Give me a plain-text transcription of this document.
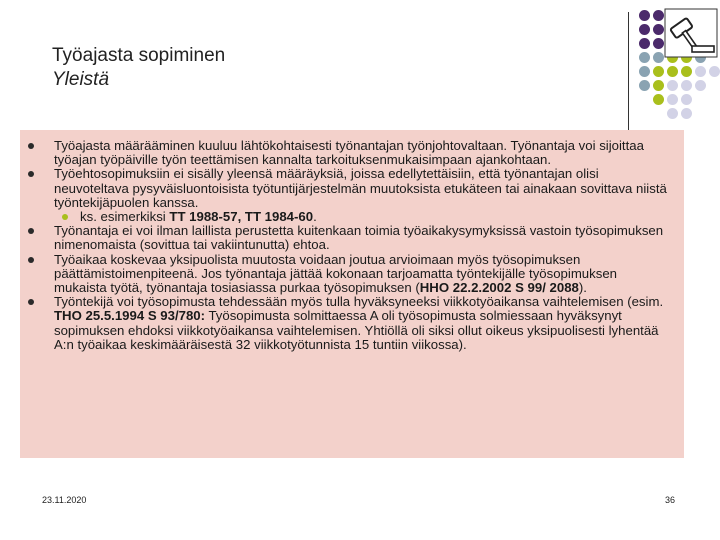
Työajasta sopiminen
Yleistä
Työajasta määrääminen kuuluu lähtökohtaisesti työnantajan työnjohtovaltaan. Työnantaja voi sijoittaa työajan työpäiville työn teettämisen kannalta tarkoituksenmukaisimpaan ajankohtaan.
Työehtosopimuksiin ei sisälly yleensä määräyksiä, joissa edellytettäisiin, että työnantajan olisi neuvoteltava pysyväisluontoisista työtuntijärjestelmän muutoksista etukäteen tai ainakaan sovittava niistä työntekijäpuolen kanssa.
ks. esimerkiksi TT 1988-57, TT 1984-60.
Työnantaja ei voi ilman laillista perustetta kuitenkaan toimia työaikakysymyksissä vastoin työsopimuksen nimenomaista (sovittua tai vakiintunutta) ehtoa.
Työaikaa koskevaa yksipuolista muutosta voidaan joutua arvioimaan myös työsopimuksen päättämistoimenpiteenä. Jos työnantaja jättää kokonaan tarjoamatta työntekijälle työsopimuksen mukaista työtä, työnantaja tosiasiassa purkaa työsopimuksen (HHO 22.2.2002 S 99/ 2088).
Työntekijä voi työsopimusta tehdessään myös tulla hyväksyneeksi viikkotyöaikansa vaihtelemisen (esim. THO 25.5.1994 S 93/780: Työsopimusta solmittaessa A oli työsopimusta solmiessaan hyväksynyt sopimuksen ehdoksi viikkotyöaikansa vaihtelemisen. Yhtiöllä oli siksi ollut oikeus yksipuolisesti lyhentää A:n työaikaa keskimääräisestä 32 viikkotyötunnista 15 tuntiin viikossa).
23.11.2020	36
